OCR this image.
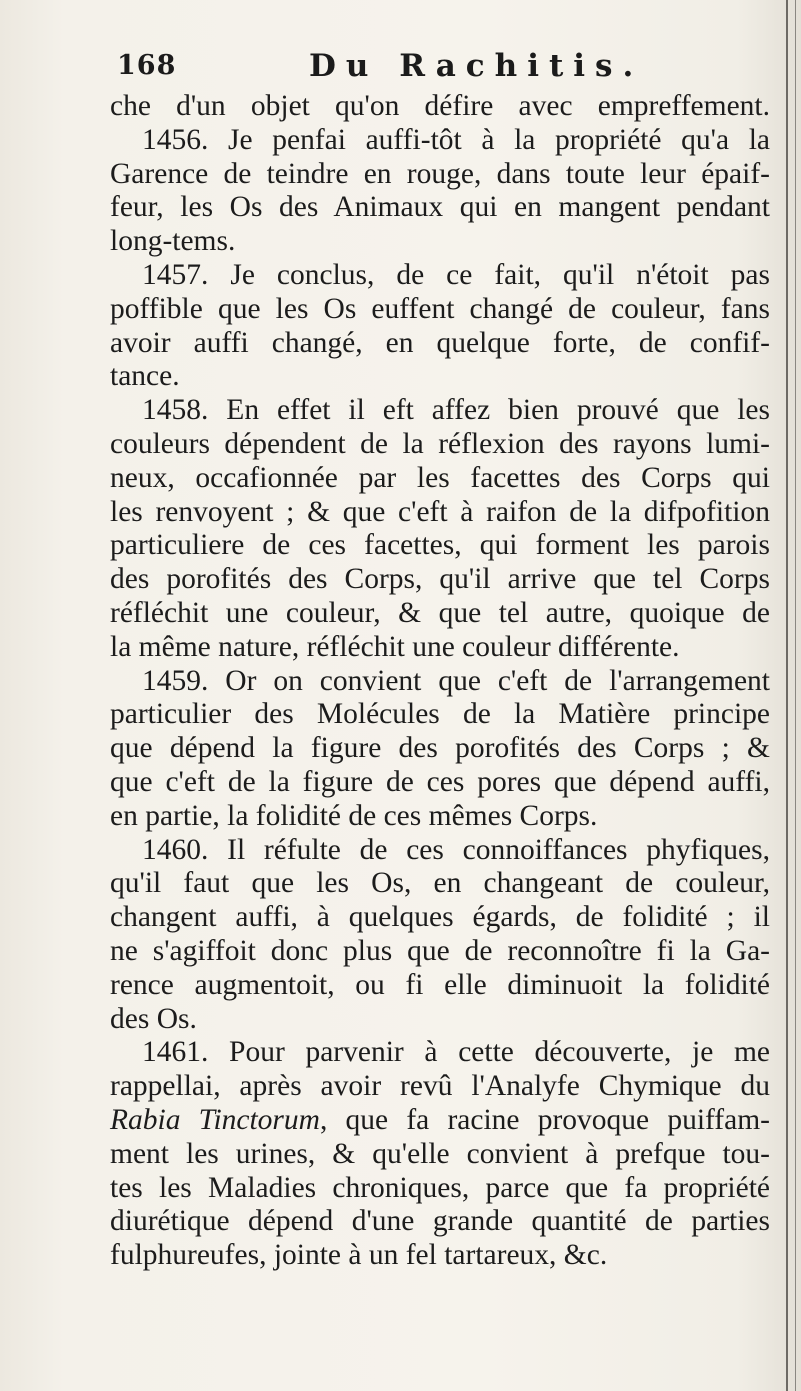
168	Du Rachitis.
che d'un objet qu'on défire avec empreffement.
1456. Je penfai auffi-tôt à la propriété qu'a la
Garence de teindre en rouge, dans toute leur épaif-
feur, les Os des Animaux qui en mangent pendant
long-tems.
1457. Je conclus, de ce fait, qu'il n'étoit pas
poffible que les Os euffent changé de couleur, fans
avoir auffi changé, en quelque forte, de confif-
tance.
1458. En effet il eft affez bien prouvé que les
couleurs dépendent de la réflexion des rayons lumi-
neux, occafionnée par les facettes des Corps qui
les renvoyent ; & que c'eft à raifon de la difpofition
particuliere de ces facettes, qui forment les parois
des porofités des Corps, qu'il arrive que tel Corps
réfléchit une couleur, & que tel autre, quoique de
la même nature, réfléchit une couleur différente.
1459. Or on convient que c'eft de l'arrangement
particulier des Molécules de la Matière principe
que dépend la figure des porofités des Corps ; &
que c'eft de la figure de ces pores que dépend auffi,
en partie, la folidité de ces mêmes Corps.
1460. Il réfulte de ces connoiffances phyfiques,
qu'il faut que les Os, en changeant de couleur,
changent auffi, à quelques égards, de folidité ; il
ne s'agiffoit donc plus que de reconnoître fi la Ga-
rence augmentoit, ou fi elle diminuoit la folidité
des Os.
1461. Pour parvenir à cette découverte, je me
rappellai, après avoir revû l'Analyfe Chymique du
Rabia Tinctorum, que fa racine provoque puiffam-
ment les urines, & qu'elle convient à prefque tou-
tes les Maladies chroniques, parce que fa propriété
diurétique dépend d'une grande quantité de parties
fulphureufes, jointe à un fel tartareux, &c.
